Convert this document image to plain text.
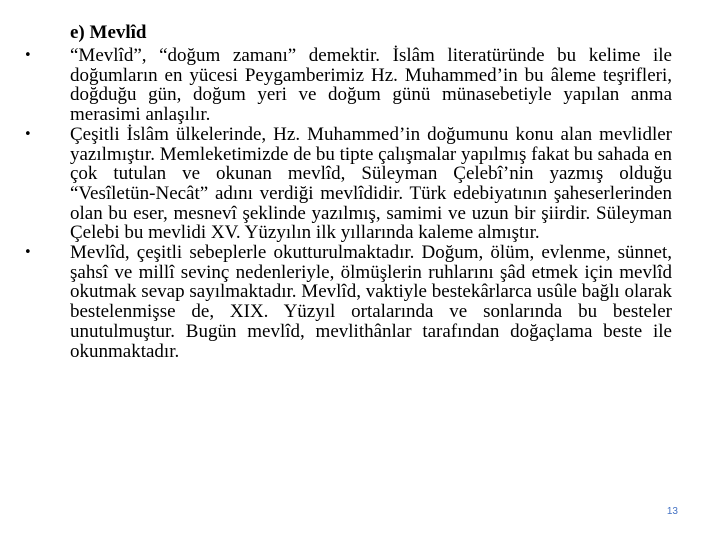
e) Mevlîd
•	“Mevlîd”, “doğum zamanı” demektir. İslâm literatüründe bu kelime ile doğumların en yücesi Peygamberimiz Hz. Muhammed’in bu âleme teşrifleri, doğduğu gün, doğum yeri ve doğum günü münasebetiyle yapılan anma merasimi anlaşılır.
•	Çeşitli İslâm ülkelerinde, Hz. Muhammed’in doğumunu konu alan mevlidler yazılmıştır. Memleketimizde de bu tipte çalışmalar yapılmış fakat bu sahada en çok tutulan ve okunan mevlîd, Süleyman Çelebî’nin yazmış olduğu “Vesîletün-Necât” adını verdiği mevlîdidir. Türk edebiyatının şaheserlerinden olan bu eser, mesnevî şeklinde yazılmış, samimi ve uzun bir şiirdir. Süleyman Çelebi bu mevlidi XV. Yüzyılın ilk yıllarında kaleme almıştır.
•	Mevlîd, çeşitli sebeplerle okutturulmaktadır. Doğum, ölüm, evlenme, sünnet, şahsî ve millî sevinç nedenleriyle, ölmüşlerin ruhlarını şâd etmek için mevlîd okutmak sevap sayılmaktadır. Mevlîd, vaktiyle bestekârlarca usûle bağlı olarak bestelenmişse de, XIX. Yüzyıl ortalarında ve sonlarında bu besteler unutulmuştur. Bugün mevlîd, mevlithânlar tarafından doğaçlama beste ile okunmaktadır.
13
